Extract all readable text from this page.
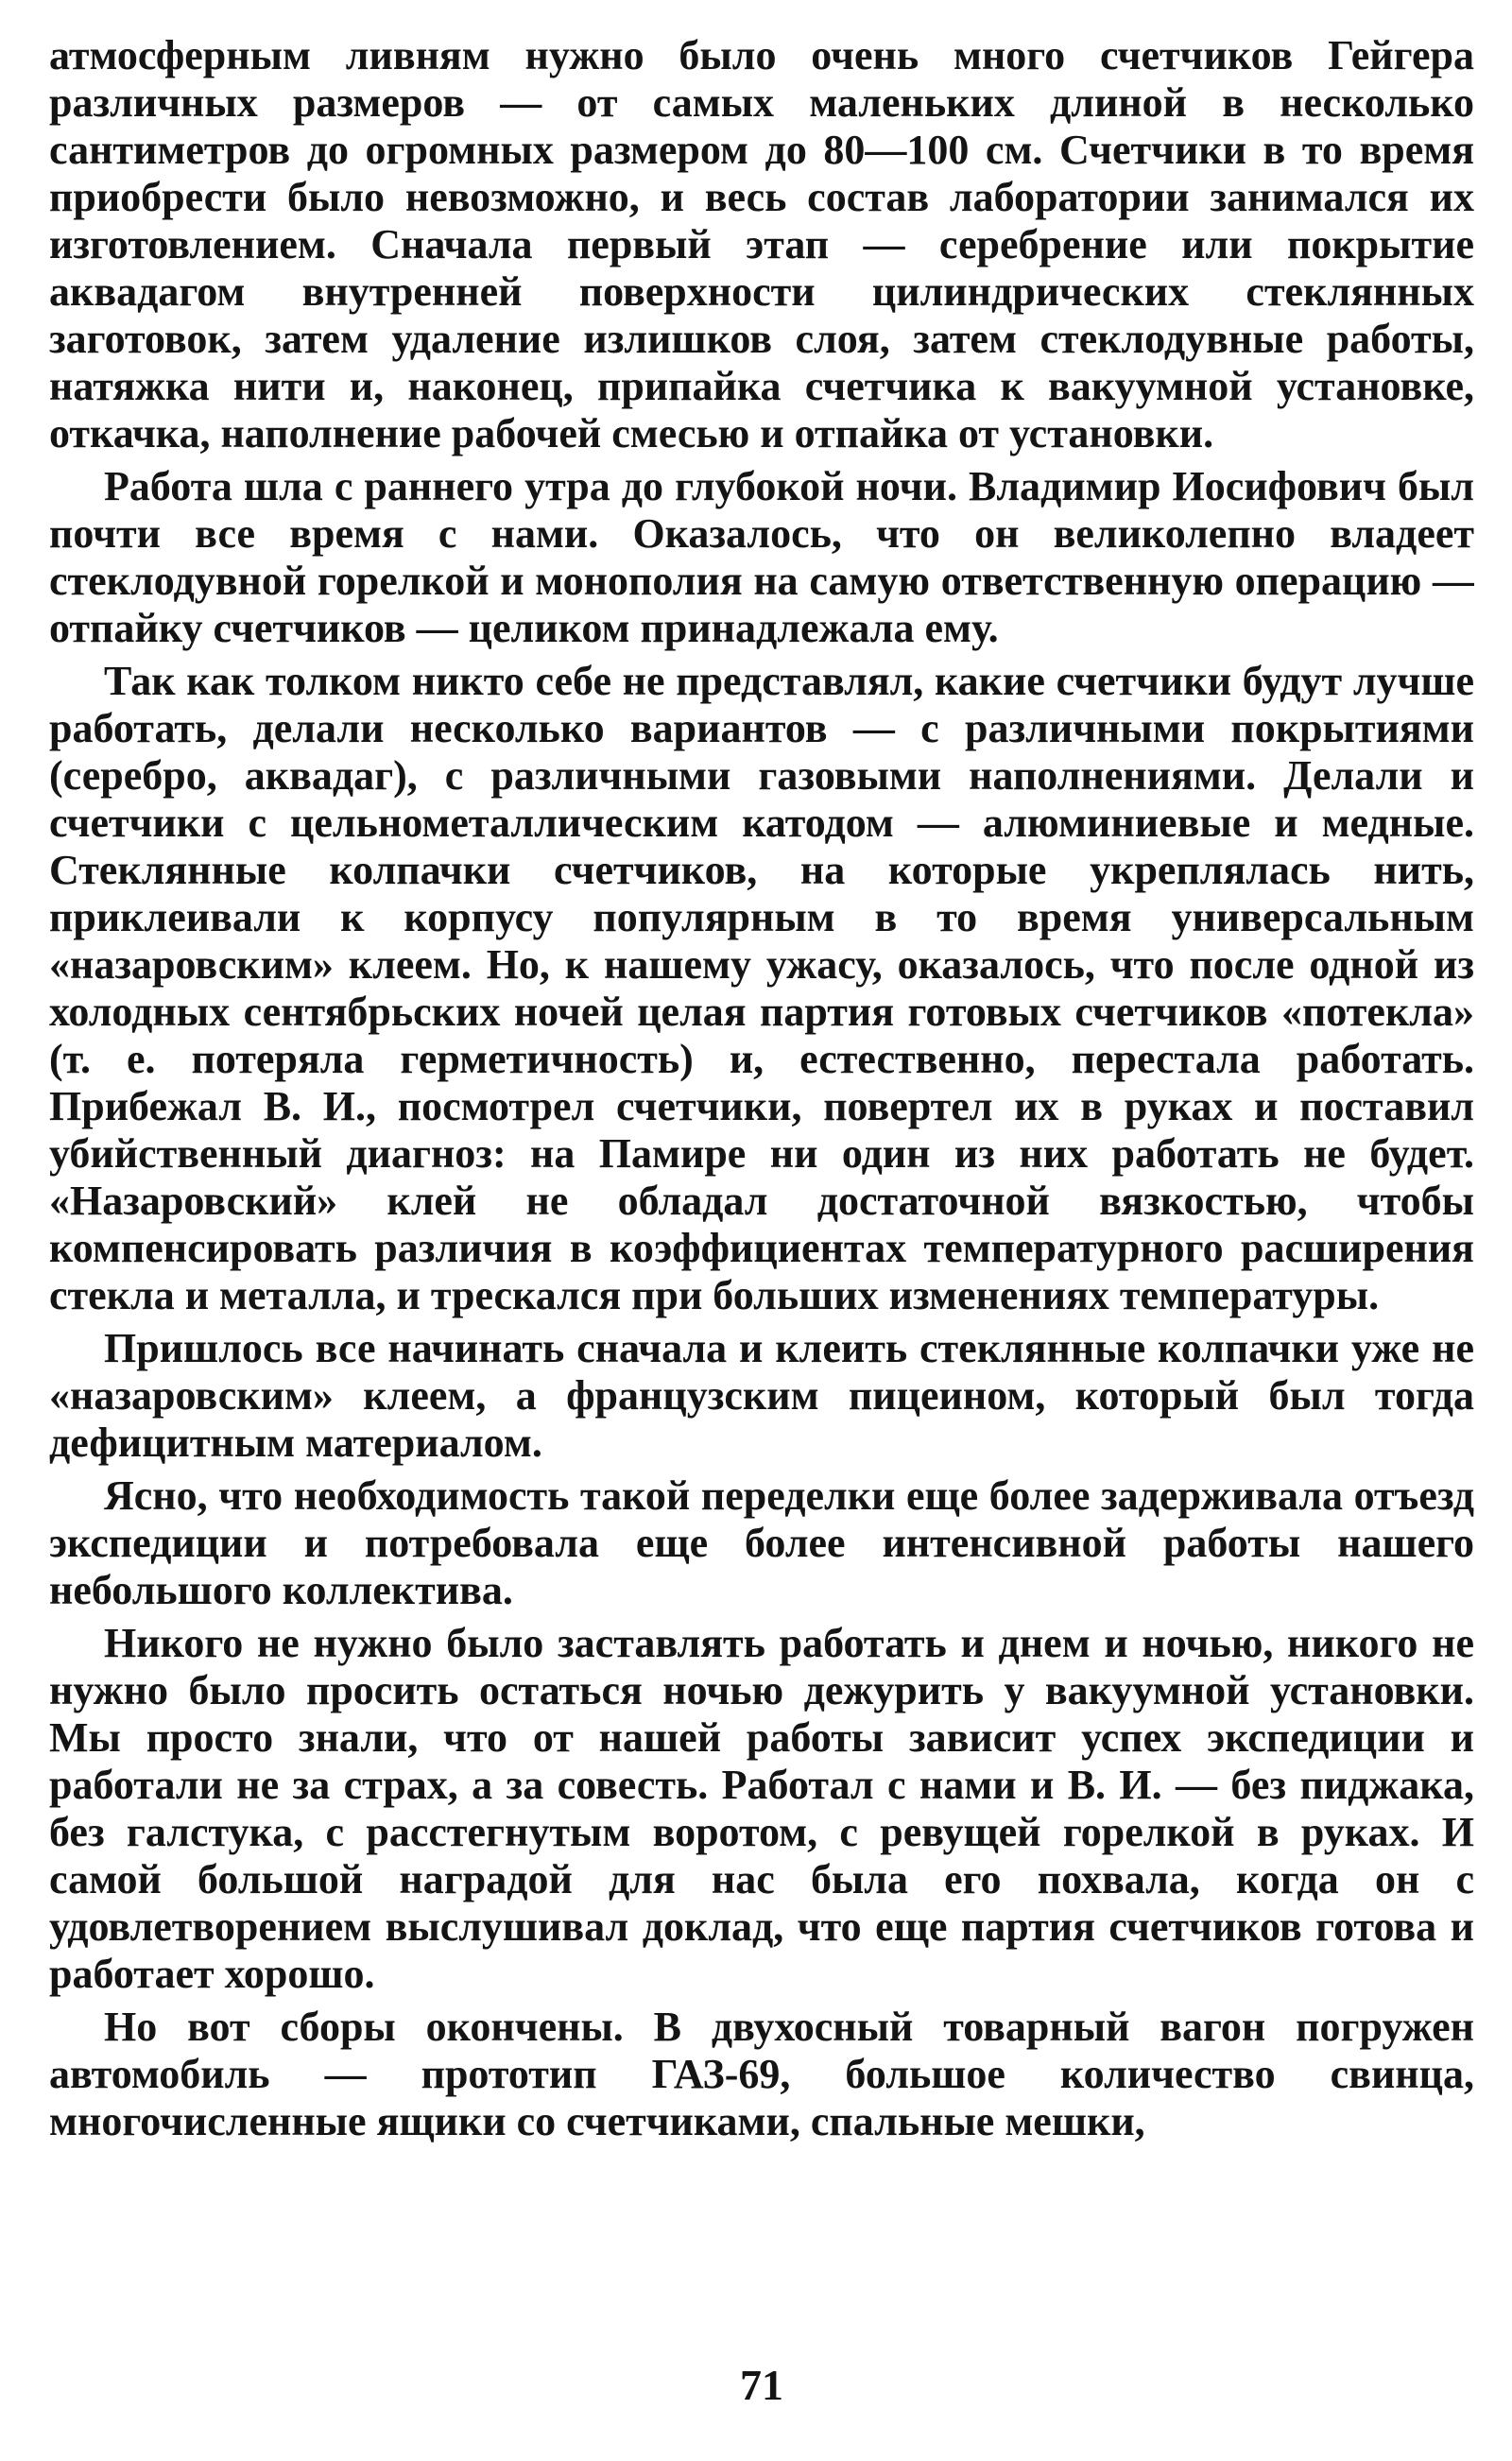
атмосферным ливням нужно было очень много счетчиков Гейгера различных размеров — от самых маленьких длиной в несколько сантиметров до огромных размером до 80—100 см. Счетчики в то время приобрести было невозможно, и весь состав лаборатории занимался их изготовлением. Сначала первый этап — серебрение или покрытие аквадагом внутренней поверхности цилиндрических стеклянных заготовок, затем удаление излишков слоя, затем стеклодувные работы, натяжка нити и, наконец, припайка счетчика к вакуумной установке, откачка, наполнение рабочей смесью и отпайка от установки.

Работа шла с раннего утра до глубокой ночи. Владимир Иосифович был почти все время с нами. Оказалось, что он великолепно владеет стеклодувной горелкой и монополия на самую ответственную операцию — отпайку счетчиков — целиком принадлежала ему.

Так как толком никто себе не представлял, какие счетчики будут лучше работать, делали несколько вариантов — с различными покрытиями (серебро, аквадаг), с различными газовыми наполнениями. Делали и счетчики с цельнометаллическим катодом — алюминиевые и медные. Стеклянные колпачки счетчиков, на которые укреплялась нить, приклеивали к корпусу популярным в то время универсальным «назаровским» клеем. Но, к нашему ужасу, оказалось, что после одной из холодных сентябрьских ночей целая партия готовых счетчиков «потекла» (т. е. потеряла герметичность) и, естественно, перестала работать. Прибежал В. И., посмотрел счетчики, повертел их в руках и поставил убийственный диагноз: на Памире ни один из них работать не будет. «Назаровский» клей не обладал достаточной вязкостью, чтобы компенсировать различия в коэффициентах температурного расширения стекла и металла, и трескался при больших изменениях температуры.

Пришлось все начинать сначала и клеить стеклянные колпачки уже не «назаровским» клеем, а французским пицеином, который был тогда дефицитным материалом.

Ясно, что необходимость такой переделки еще более задерживала отъезд экспедиции и потребовала еще более интенсивной работы нашего небольшого коллектива.

Никого не нужно было заставлять работать и днем и ночью, никого не нужно было просить остаться ночью дежурить у вакуумной установки. Мы просто знали, что от нашей работы зависит успех экспедиции и работали не за страх, а за совесть. Работал с нами и В. И. — без пиджака, без галстука, с расстегнутым воротом, с ревущей горелкой в руках. И самой большой наградой для нас была его похвала, когда он с удовлетворением выслушивал доклад, что еще партия счетчиков готова и работает хорошо.

Но вот сборы окончены. В двухосный товарный вагон погружен автомобиль — прототип ГАЗ-69, большое количество свинца, многочисленные ящики со счетчиками, спальные мешки,

71
